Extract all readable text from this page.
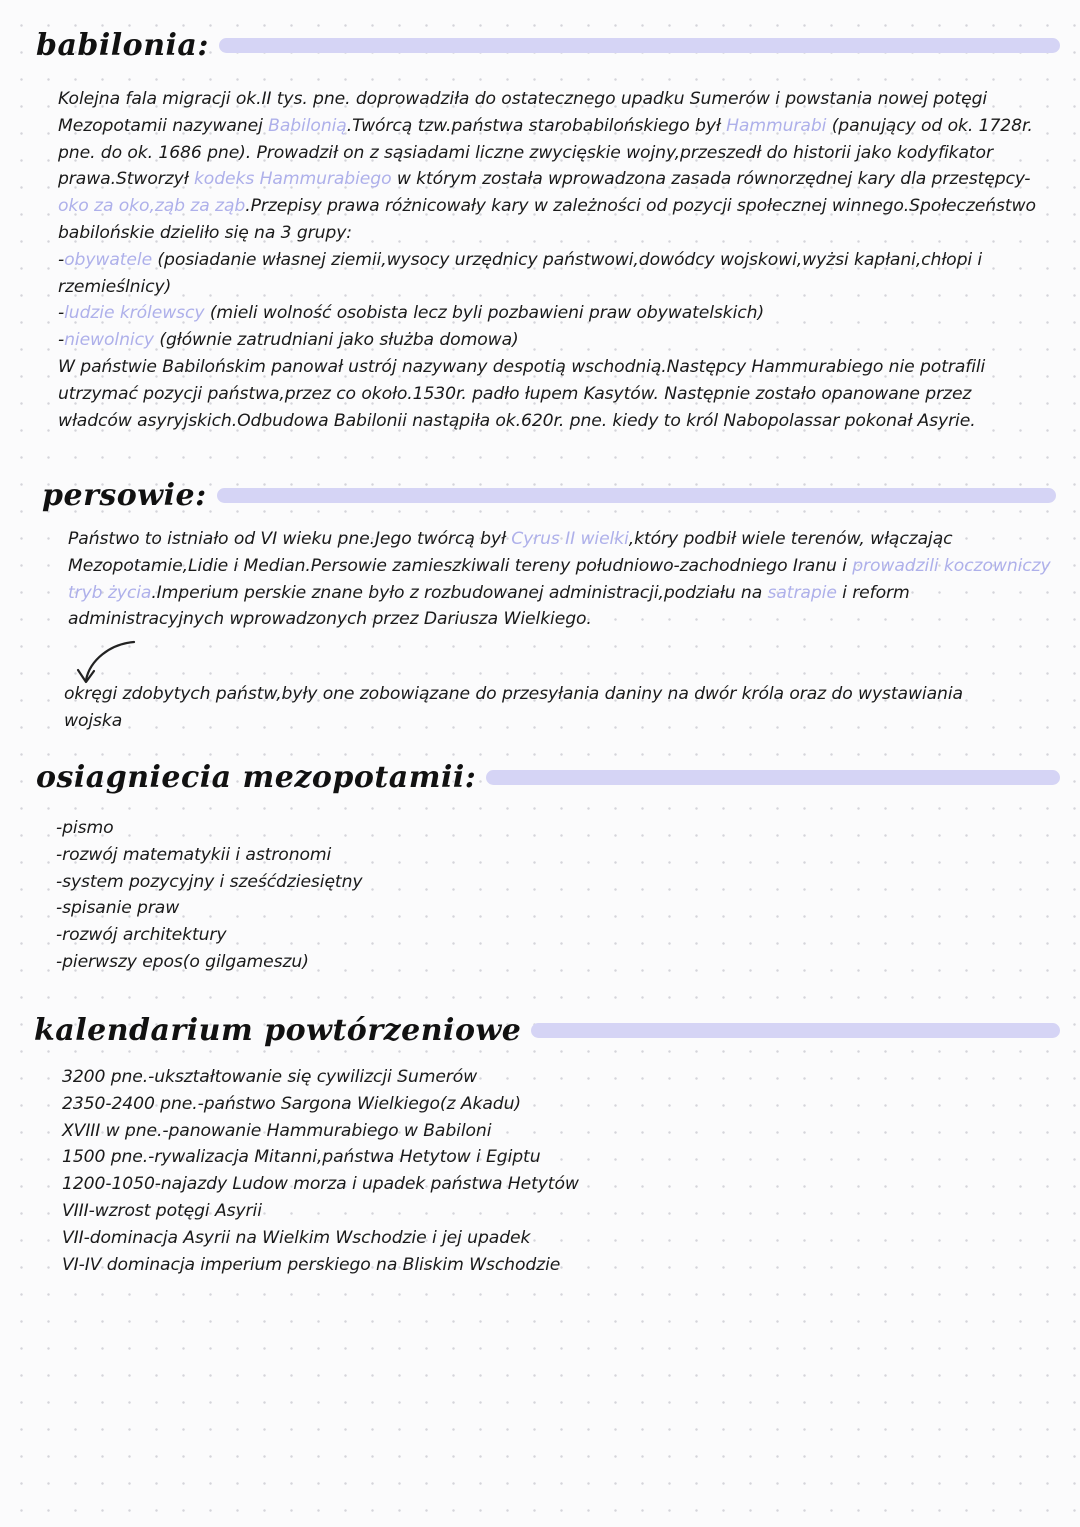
babilonia:

Kolejna fala migracji ok.II tys. pne. doprowadziła do ostatecznego upadku Sumerów i powstania nowej potęgi Mezopotamii nazywanej Babilonią.Twórcą tzw.państwa starobabilońskiego był Hammurabi (panujący od ok. 1728r. pne. do ok. 1686 pne). Prowadził on z sąsiadami liczne zwycięskie wojny,przeszedł do historii jako kodyfikator prawa.Stworzył kodeks Hammurabiego w którym została wprowadzona zasada równorzędnej kary dla przestępcy-oko za oko,ząb za ząb.Przepisy prawa różnicowały kary w zależności od pozycji społecznej winnego.Społeczeństwo babilońskie dzieliło się na 3 grupy:

-obywatele (posiadanie własnej ziemii,wysocy urzędnicy państwowi,dowódcy wojskowi,wyżsi kapłani,chłopi i rzemieślnicy)

-ludzie królewscy (mieli wolność osobista lecz byli pozbawieni praw obywatelskich)

-niewolnicy (głównie zatrudniani jako służba domowa)

W państwie Babilońskim panował ustrój nazywany despotią wschodnią.Następcy Hammurabiego nie potrafili utrzymać pozycji państwa,przez co około.1530r. padło łupem Kasytów. Następnie zostało opanowane przez władców asyryjskich.Odbudowa Babilonii nastąpiła ok.620r. pne. kiedy to król Nabopolassar pokonał Asyrie.

persowie:

Państwo to istniało od VI wieku pne.Jego twórcą był Cyrus II wielki,który podbił wiele terenów, włączając Mezopotamie,Lidie i Median.Persowie zamieszkiwali tereny południowo-zachodniego Iranu i prowadzili koczowniczy tryb życia.Imperium perskie znane było z rozbudowanej administracji,podziału na satrapie i reform administracyjnych wprowadzonych przez Dariusza Wielkiego.

okręgi zdobytych państw,były one zobowiązane do przesyłania daniny na dwór króla oraz do wystawiania wojska

osiagniecia mezopotamii:
-pismo
-rozwój matematykii i astronomi
-system pozycyjny i sześćdziesiętny
-spisanie praw
-rozwój architektury
-pierwszy epos(o gilgameszu)
kalendarium powtórzeniowe
3200 pne.-ukształtowanie się cywilizcji Sumerów
2350-2400 pne.-państwo Sargona Wielkiego(z Akadu)
XVIII w pne.-panowanie Hammurabiego w Babiloni
1500 pne.-rywalizacja Mitanni,państwa Hetytow i Egiptu
1200-1050-najazdy Ludow morza i upadek państwa Hetytów
VIII-wzrost potęgi Asyrii
VII-dominacja Asyrii na Wielkim Wschodzie i jej upadek
VI-IV dominacja imperium perskiego na Bliskim Wschodzie
